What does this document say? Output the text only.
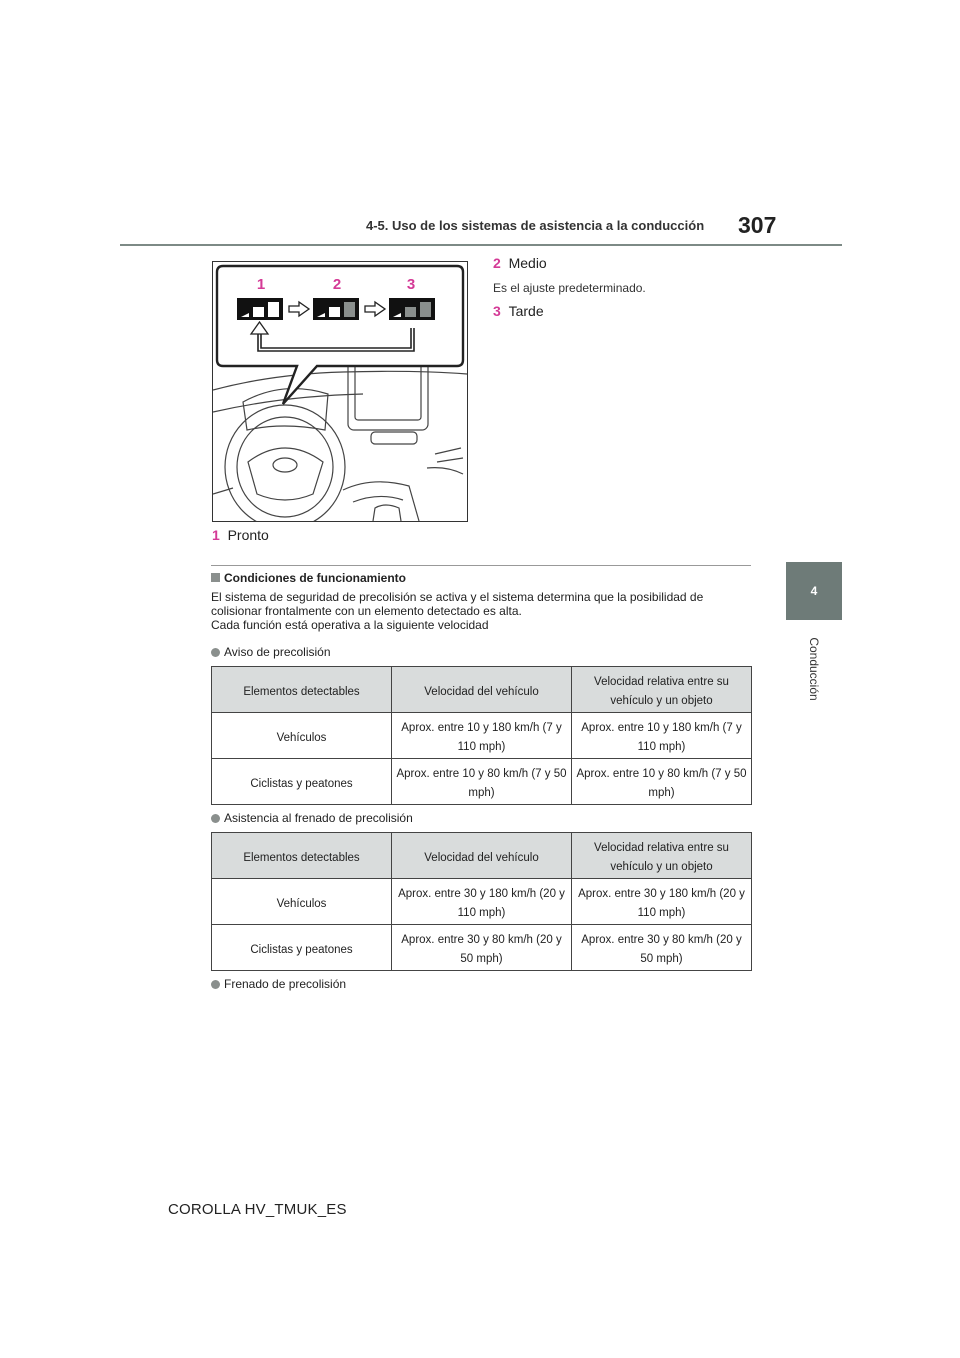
4-5. Uso de los sistemas de asistencia a la conducción 307
4
Conducción
1	2	3
1 Pronto
2 Medio
Es el ajuste predeterminado.
3 Tarde
Condiciones de funcionamiento
El sistema de seguridad de precolisión se activa y el sistema determina que la posibilidad de
colisionar frontalmente con un elemento detectado es alta.
Cada función está operativa a la siguiente velocidad
Aviso de precolisión
Elementos detectables	Velocidad del vehículo	Velocidad relativa entre su vehículo y un objeto
Vehículos	Aprox. entre 10 y 180 km/h (7 y 110 mph)	Aprox. entre 10 y 180 km/h (7 y 110 mph)
Ciclistas y peatones	Aprox. entre 10 y 80 km/h (7 y 50 mph)	Aprox. entre 10 y 80 km/h (7 y 50 mph)
Asistencia al frenado de precolisión
Elementos detectables	Velocidad del vehículo	Velocidad relativa entre su vehículo y un objeto
Vehículos	Aprox. entre 30 y 180 km/h (20 y 110 mph)	Aprox. entre 30 y 180 km/h (20 y 110 mph)
Ciclistas y peatones	Aprox. entre 30 y 80 km/h (20 y 50 mph)	Aprox. entre 30 y 80 km/h (20 y 50 mph)
Frenado de precolisión
COROLLA HV_TMUK_ES
